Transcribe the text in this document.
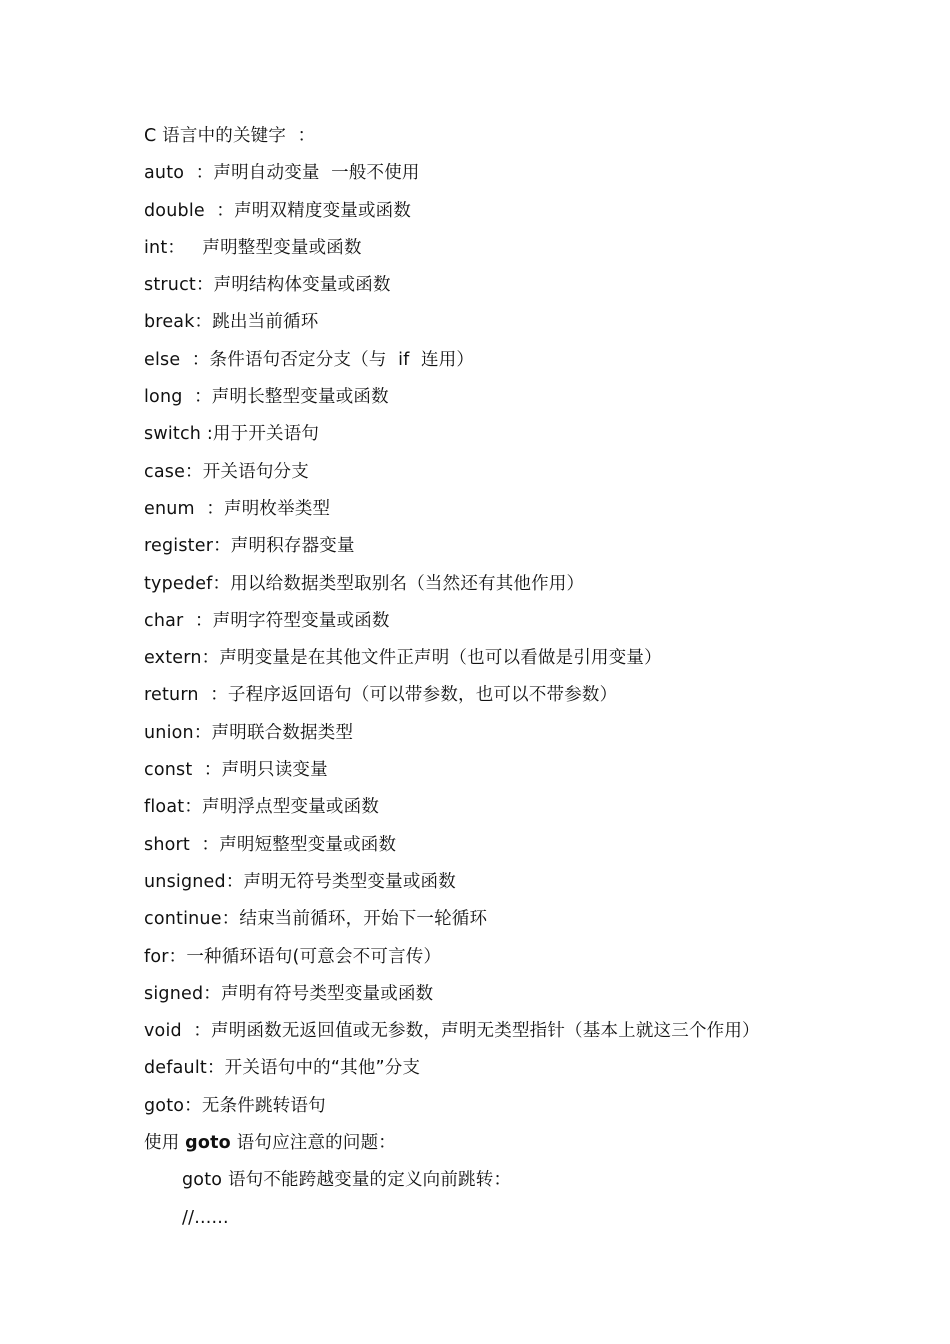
C 语言中的关键字  ：
auto  ：声明自动变量  一般不使用
double  ：声明双精度变量或函数
int：   声明整型变量或函数
struct：声明结构体变量或函数
break：跳出当前循环
else  ：条件语句否定分支（与  if  连用）
long  ：声明长整型变量或函数
switch :用于开关语句
case：开关语句分支
enum  ：声明枚举类型
register：声明积存器变量
typedef：用以给数据类型取别名（当然还有其他作用）
char  ：声明字符型变量或函数
extern：声明变量是在其他文件正声明（也可以看做是引用变量）
return  ：子程序返回语句（可以带参数，也可以不带参数）
union：声明联合数据类型
const  ：声明只读变量
float：声明浮点型变量或函数
short  ：声明短整型变量或函数
unsigned：声明无符号类型变量或函数
continue：结束当前循环，开始下一轮循环
for：一种循环语句(可意会不可言传）
signed：声明有符号类型变量或函数
void  ：声明函数无返回值或无参数，声明无类型指针（基本上就这三个作用）
default：开关语句中的“其他”分支
goto：无条件跳转语句
使用 goto 语句应注意的问题：
goto 语句不能跨越变量的定义向前跳转：
//......
